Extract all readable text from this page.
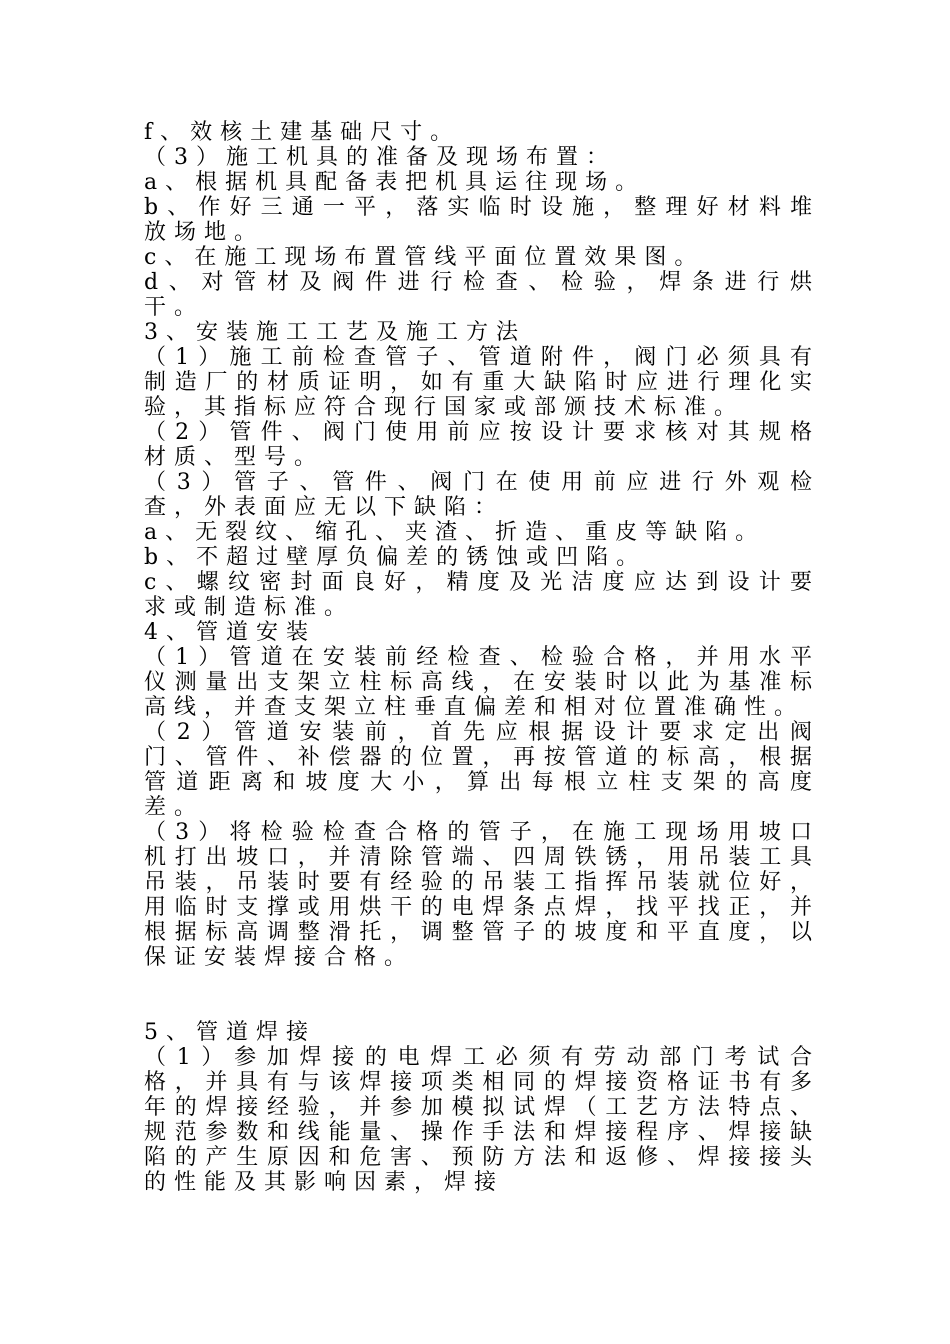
f、效核土建基础尺寸。

（3）施工机具的准备及现场布置：

a、根据机具配备表把机具运往现场。

b、作好三通一平，落实临时设施，整理好材料堆放场地。

c、在施工现场布置管线平面位置效果图。

d、对管材及阀件进行检查、检验，焊条进行烘干。

3、安装施工工艺及施工方法

（1）施工前检查管子、管道附件，阀门必须具有制造厂的材质证明，如有重大缺陷时应进行理化实验，其指标应符合现行国家或部颁技术标准。

（2）管件、阀门使用前应按设计要求核对其规格材质、型号。

（3）管子、管件、阀门在使用前应进行外观检查，外表面应无以下缺陷：

a、无裂纹、缩孔、夹渣、折造、重皮等缺陷。

b、不超过壁厚负偏差的锈蚀或凹陷。

c、螺纹密封面良好，精度及光洁度应达到设计要求或制造标准。

4、管道安装

（1）管道在安装前经检查、检验合格，并用水平仪测量出支架立柱标高线，在安装时以此为基准标高线，并查支架立柱垂直偏差和相对位置准确性。

（2）管道安装前，首先应根据设计要求定出阀门、管件、补偿器的位置，再按管道的标高，根据管道距离和坡度大小，算出每根立柱支架的高度差。

（3）将检验检查合格的管子，在施工现场用坡口机打出坡口，并清除管端、四周铁锈，用吊装工具吊装，吊装时要有经验的吊装工指挥吊装就位好，用临时支撑或用烘干的电焊条点焊，找平找正，并根据标高调整滑托，调整管子的坡度和平直度，以保证安装焊接合格。

5、管道焊接

（1）参加焊接的电焊工必须有劳动部门考试合格，并具有与该焊接项类相同的焊接资格证书有多年的焊接经验，并参加模拟试焊（工艺方法特点、规范参数和线能量、操作手法和焊接程序、焊接缺陷的产生原因和危害、预防方法和返修、焊接接头的性能及其影响因素，焊接
